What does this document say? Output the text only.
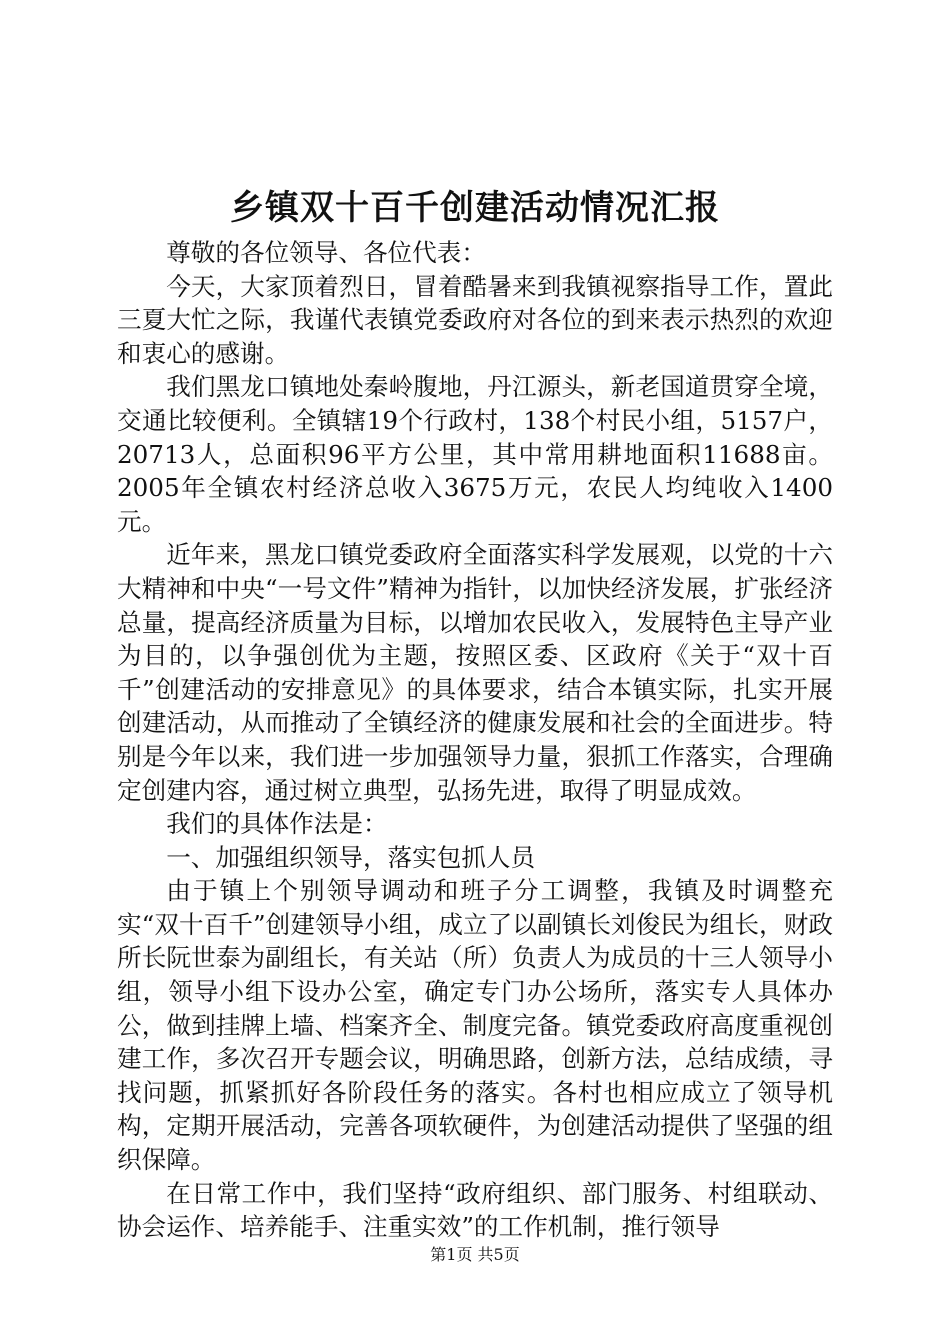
乡镇双十百千创建活动情况汇报

尊敬的各位领导、各位代表：

今天，大家顶着烈日，冒着酷暑来到我镇视察指导工作，置此三夏大忙之际，我谨代表镇党委政府对各位的到来表示热烈的欢迎和衷心的感谢。

我们黑龙口镇地处秦岭腹地，丹江源头，新老国道贯穿全境，交通比较便利。全镇辖19个行政村，138个村民小组，5157户，20713人，总面积96平方公里，其中常用耕地面积11688亩。2005年全镇农村经济总收入3675万元，农民人均纯收入1400元。

近年来，黑龙口镇党委政府全面落实科学发展观，以党的十六大精神和中央“一号文件”精神为指针，以加快经济发展，扩张经济总量，提高经济质量为目标，以增加农民收入，发展特色主导产业为目的，以争强创优为主题，按照区委、区政府《关于“双十百千”创建活动的安排意见》的具体要求，结合本镇实际，扎实开展创建活动，从而推动了全镇经济的健康发展和社会的全面进步。特别是今年以来，我们进一步加强领导力量，狠抓工作落实，合理确定创建内容，通过树立典型，弘扬先进，取得了明显成效。

我们的具体作法是：

一、加强组织领导，落实包抓人员

由于镇上个别领导调动和班子分工调整，我镇及时调整充实“双十百千”创建领导小组，成立了以副镇长刘俊民为组长，财政所长阮世泰为副组长，有关站（所）负责人为成员的十三人领导小组，领导小组下设办公室，确定专门办公场所，落实专人具体办公，做到挂牌上墙、档案齐全、制度完备。镇党委政府高度重视创建工作，多次召开专题会议，明确思路，创新方法，总结成绩，寻找问题，抓紧抓好各阶段任务的落实。各村也相应成立了领导机构，定期开展活动，完善各项软硬件，为创建活动提供了坚强的组织保障。

在日常工作中，我们坚持“政府组织、部门服务、村组联动、协会运作、培养能手、注重实效”的工作机制，推行领导

第1页 共5页
